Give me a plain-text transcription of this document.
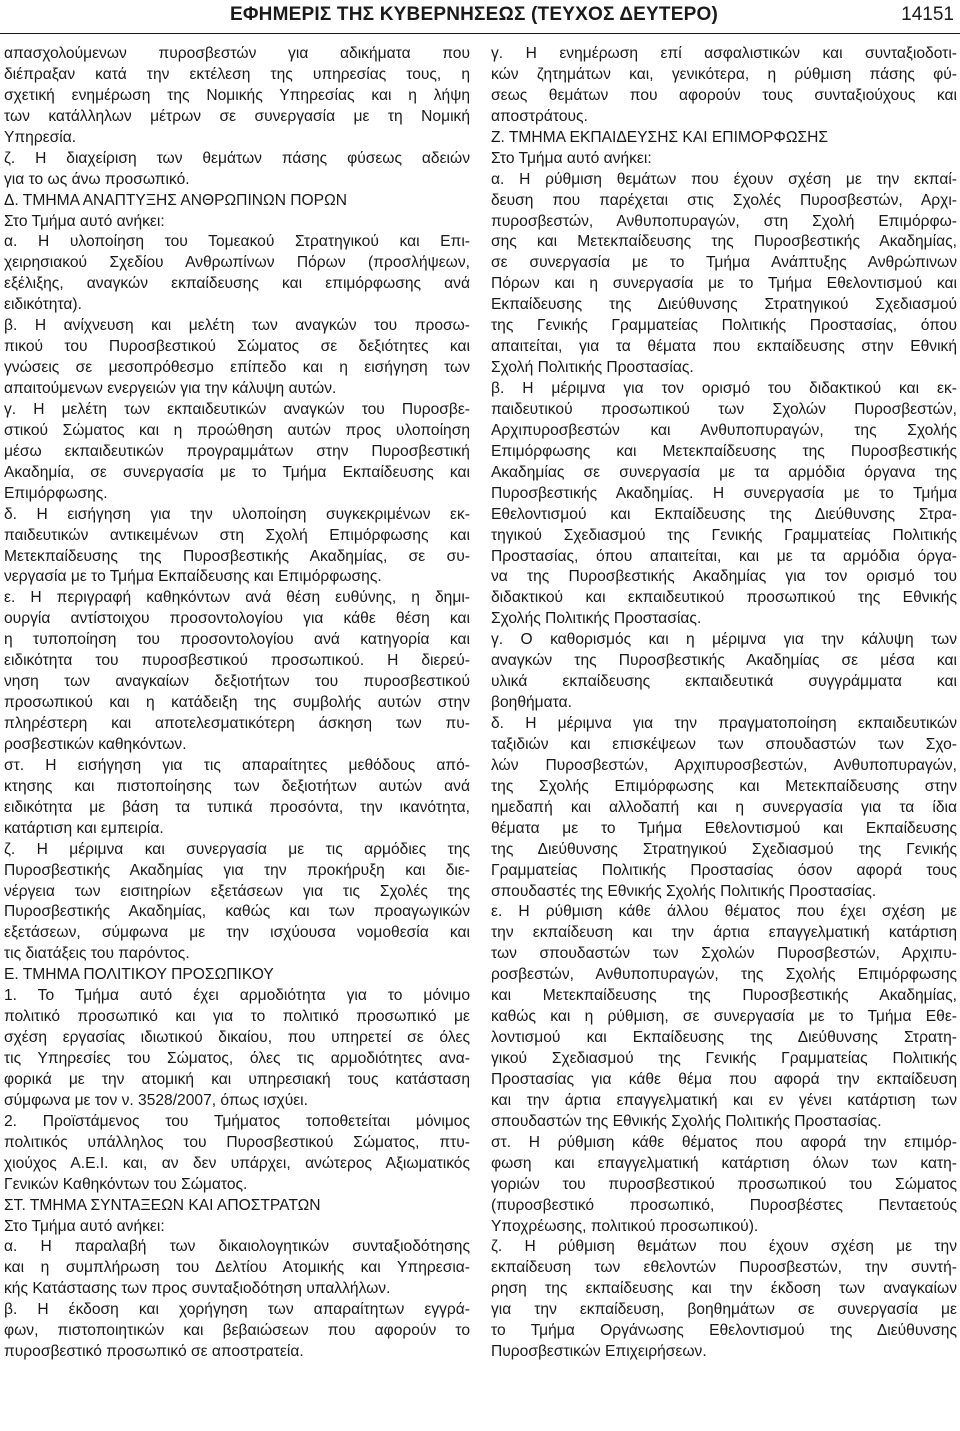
ΕΦΗΜΕΡΙΣ ΤΗΣ ΚΥΒΕΡΝΗΣΕΩΣ (ΤΕΥΧΟΣ ΔΕΥΤΕΡΟ)	14151
απασχολούμενων πυροσβεστών για αδικήματα που
διέπραξαν κατά την εκτέλεση της υπηρεσίας τους, η
σχετική ενημέρωση της Νομικής Υπηρεσίας και η λήψη
των κατάλληλων μέτρων σε συνεργασία με τη Νομική
Υπηρεσία.
ζ. Η διαχείριση των θεμάτων πάσης φύσεως αδειών
για το ως άνω προσωπικό.
Δ. ΤΜΗΜΑ ΑΝΑΠΤΥΞΗΣ ΑΝΘΡΩΠΙΝΩΝ ΠΟΡΩΝ
Στο Τμήμα αυτό ανήκει:
α. Η υλοποίηση του Τομεακού Στρατηγικού και Επι-
χειρησιακού Σχεδίου Ανθρωπίνων Πόρων (προσλήψεων,
εξέλιξης, αναγκών εκπαίδευσης και επιμόρφωσης ανά
ειδικότητα).
β. Η ανίχνευση και μελέτη των αναγκών του προσω-
πικού του Πυροσβεστικού Σώματος σε δεξιότητες και
γνώσεις σε μεσοπρόθεσμο επίπεδο και η εισήγηση των
απαιτούμενων ενεργειών για την κάλυψη αυτών.
γ. Η μελέτη των εκπαιδευτικών αναγκών του Πυροσβε-
στικού Σώματος και η προώθηση αυτών προς υλοποίηση
μέσω εκπαιδευτικών προγραμμάτων στην Πυροσβεστική
Ακαδημία, σε συνεργασία με το Τμήμα Εκπαίδευσης και
Επιμόρφωσης.
δ. Η εισήγηση για την υλοποίηση συγκεκριμένων εκ-
παιδευτικών αντικειμένων στη Σχολή Επιμόρφωσης και
Μετεκπαίδευσης της Πυροσβεστικής Ακαδημίας, σε συ-
νεργασία με το Τμήμα Εκπαίδευσης και Επιμόρφωσης.
ε. Η περιγραφή καθηκόντων ανά θέση ευθύνης, η δημι-
ουργία αντίστοιχου προσοντολογίου για κάθε θέση και
η τυποποίηση του προσοντολογίου ανά κατηγορία και
ειδικότητα του πυροσβεστικού προσωπικού. Η διερεύ-
νηση των αναγκαίων δεξιοτήτων του πυροσβεστικού
προσωπικού και η κατάδειξη της συμβολής αυτών στην
πληρέστερη και αποτελεσματικότερη άσκηση των πυ-
ροσβεστικών καθηκόντων.
στ. Η εισήγηση για τις απαραίτητες μεθόδους από-
κτησης και πιστοποίησης των δεξιοτήτων αυτών ανά
ειδικότητα με βάση τα τυπικά προσόντα, την ικανότητα,
κατάρτιση και εμπειρία.
ζ. Η μέριμνα και συνεργασία με τις αρμόδιες της
Πυροσβεστικής Ακαδημίας για την προκήρυξη και διε-
νέργεια των εισιτηρίων εξετάσεων για τις Σχολές της
Πυροσβεστικής Ακαδημίας, καθώς και των προαγωγικών
εξετάσεων, σύμφωνα με την ισχύουσα νομοθεσία και
τις διατάξεις του παρόντος.
Ε. ΤΜΗΜΑ ΠΟΛΙΤΙΚΟΥ ΠΡΟΣΩΠΙΚΟΥ
1. Το Τμήμα αυτό έχει αρμοδιότητα για το μόνιμο
πολιτικό προσωπικό και για το πολιτικό προσωπικό με
σχέση εργασίας ιδιωτικού δικαίου, που υπηρετεί σε όλες
τις Υπηρεσίες του Σώματος, όλες τις αρμοδιότητες ανα-
φορικά με την ατομική και υπηρεσιακή τους κατάσταση
σύμφωνα με τον ν. 3528/2007, όπως ισχύει.
2. Προϊστάμενος του Τμήματος τοποθετείται μόνιμος
πολιτικός υπάλληλος του Πυροσβεστικού Σώματος, πτυ-
χιούχος Α.Ε.Ι. και, αν δεν υπάρχει, ανώτερος Αξιωματικός
Γενικών Καθηκόντων του Σώματος.
ΣΤ. ΤΜΗΜΑ ΣΥΝΤΑΞΕΩΝ ΚΑΙ ΑΠΟΣΤΡΑΤΩΝ
Στο Τμήμα αυτό ανήκει:
α. Η παραλαβή των δικαιολογητικών συνταξιοδότησης
και η συμπλήρωση του Δελτίου Ατομικής και Υπηρεσια-
κής Κατάστασης των προς συνταξιοδότηση υπαλλήλων.
β. Η έκδοση και χορήγηση των απαραίτητων εγγρά-
φων, πιστοποιητικών και βεβαιώσεων που αφορούν το
πυροσβεστικό προσωπικό σε αποστρατεία.
γ. Η ενημέρωση επί ασφαλιστικών και συνταξιοδοτι-
κών ζητημάτων και, γενικότερα, η ρύθμιση πάσης φύ-
σεως θεμάτων που αφορούν τους συνταξιούχους και
αποστράτους.
Ζ. ΤΜΗΜΑ ΕΚΠΑΙΔΕΥΣΗΣ ΚΑΙ ΕΠΙΜΟΡΦΩΣΗΣ
Στο Τμήμα αυτό ανήκει:
α. Η ρύθμιση θεμάτων που έχουν σχέση με την εκπαί-
δευση που παρέχεται στις Σχολές Πυροσβεστών, Αρχι-
πυροσβεστών, Ανθυποπυραγών, στη Σχολή Επιμόρφω-
σης και Μετεκπαίδευσης της Πυροσβεστικής Ακαδημίας,
σε συνεργασία με το Τμήμα Ανάπτυξης Ανθρώπινων
Πόρων και η συνεργασία με το Τμήμα Εθελοντισμού και
Εκπαίδευσης της Διεύθυνσης Στρατηγικού Σχεδιασμού
της Γενικής Γραμματείας Πολιτικής Προστασίας, όπου
απαιτείται, για τα θέματα που εκπαίδευσης στην Εθνική
Σχολή Πολιτικής Προστασίας.
β. Η μέριμνα για τον ορισμό του διδακτικού και εκ-
παιδευτικού προσωπικού των Σχολών Πυροσβεστών,
Αρχιπυροσβεστών και Ανθυποπυραγών, της Σχολής
Επιμόρφωσης και Μετεκπαίδευσης της Πυροσβεστικής
Ακαδημίας σε συνεργασία με τα αρμόδια όργανα της
Πυροσβεστικής Ακαδημίας. Η συνεργασία με το Τμήμα
Εθελοντισμού και Εκπαίδευσης της Διεύθυνσης Στρα-
τηγικού Σχεδιασμού της Γενικής Γραμματείας Πολιτικής
Προστασίας, όπου απαιτείται, και με τα αρμόδια όργα-
να της Πυροσβεστικής Ακαδημίας για τον ορισμό του
διδακτικού και εκπαιδευτικού προσωπικού της Εθνικής
Σχολής Πολιτικής Προστασίας.
γ. Ο καθορισμός και η μέριμνα για την κάλυψη των
αναγκών της Πυροσβεστικής Ακαδημίας σε μέσα και
υλικά εκπαίδευσης εκπαιδευτικά συγγράμματα και
βοηθήματα.
δ. Η μέριμνα για την πραγματοποίηση εκπαιδευτικών
ταξιδιών και επισκέψεων των σπουδαστών των Σχο-
λών Πυροσβεστών, Αρχιπυροσβεστών, Ανθυποπυραγών,
της Σχολής Επιμόρφωσης και Μετεκπαίδευσης στην
ημεδαπή και αλλοδαπή και η συνεργασία για τα ίδια
θέματα με το Τμήμα Εθελοντισμού και Εκπαίδευσης
της Διεύθυνσης Στρατηγικού Σχεδιασμού της Γενικής
Γραμματείας Πολιτικής Προστασίας όσον αφορά τους
σπουδαστές της Εθνικής Σχολής Πολιτικής Προστασίας.
ε. Η ρύθμιση κάθε άλλου θέματος που έχει σχέση με
την εκπαίδευση και την άρτια επαγγελματική κατάρτιση
των σπουδαστών των Σχολών Πυροσβεστών, Αρχιπυ-
ροσβεστών, Ανθυποπυραγών, της Σχολής Επιμόρφωσης
και Μετεκπαίδευσης της Πυροσβεστικής Ακαδημίας,
καθώς και η ρύθμιση, σε συνεργασία με το Τμήμα Εθε-
λοντισμού και Εκπαίδευσης της Διεύθυνσης Στρατη-
γικού Σχεδιασμού της Γενικής Γραμματείας Πολιτικής
Προστασίας για κάθε θέμα που αφορά την εκπαίδευση
και την άρτια επαγγελματική και εν γένει κατάρτιση των
σπουδαστών της Εθνικής Σχολής Πολιτικής Προστασίας.
στ. Η ρύθμιση κάθε θέματος που αφορά την επιμόρ-
φωση και επαγγελματική κατάρτιση όλων των κατη-
γοριών του πυροσβεστικού προσωπικού του Σώματος
(πυροσβεστικό προσωπικό, Πυροσβέστες Πενταετούς
Υποχρέωσης, πολιτικού προσωπικού).
ζ. Η ρύθμιση θεμάτων που έχουν σχέση με την
εκπαίδευση των εθελοντών Πυροσβεστών, την συντή-
ρηση της εκπαίδευσης και την έκδοση των αναγκαίων
για την εκπαίδευση, βοηθημάτων σε συνεργασία με
το Τμήμα Οργάνωσης Εθελοντισμού της Διεύθυνσης
Πυροσβεστικών Επιχειρήσεων.
